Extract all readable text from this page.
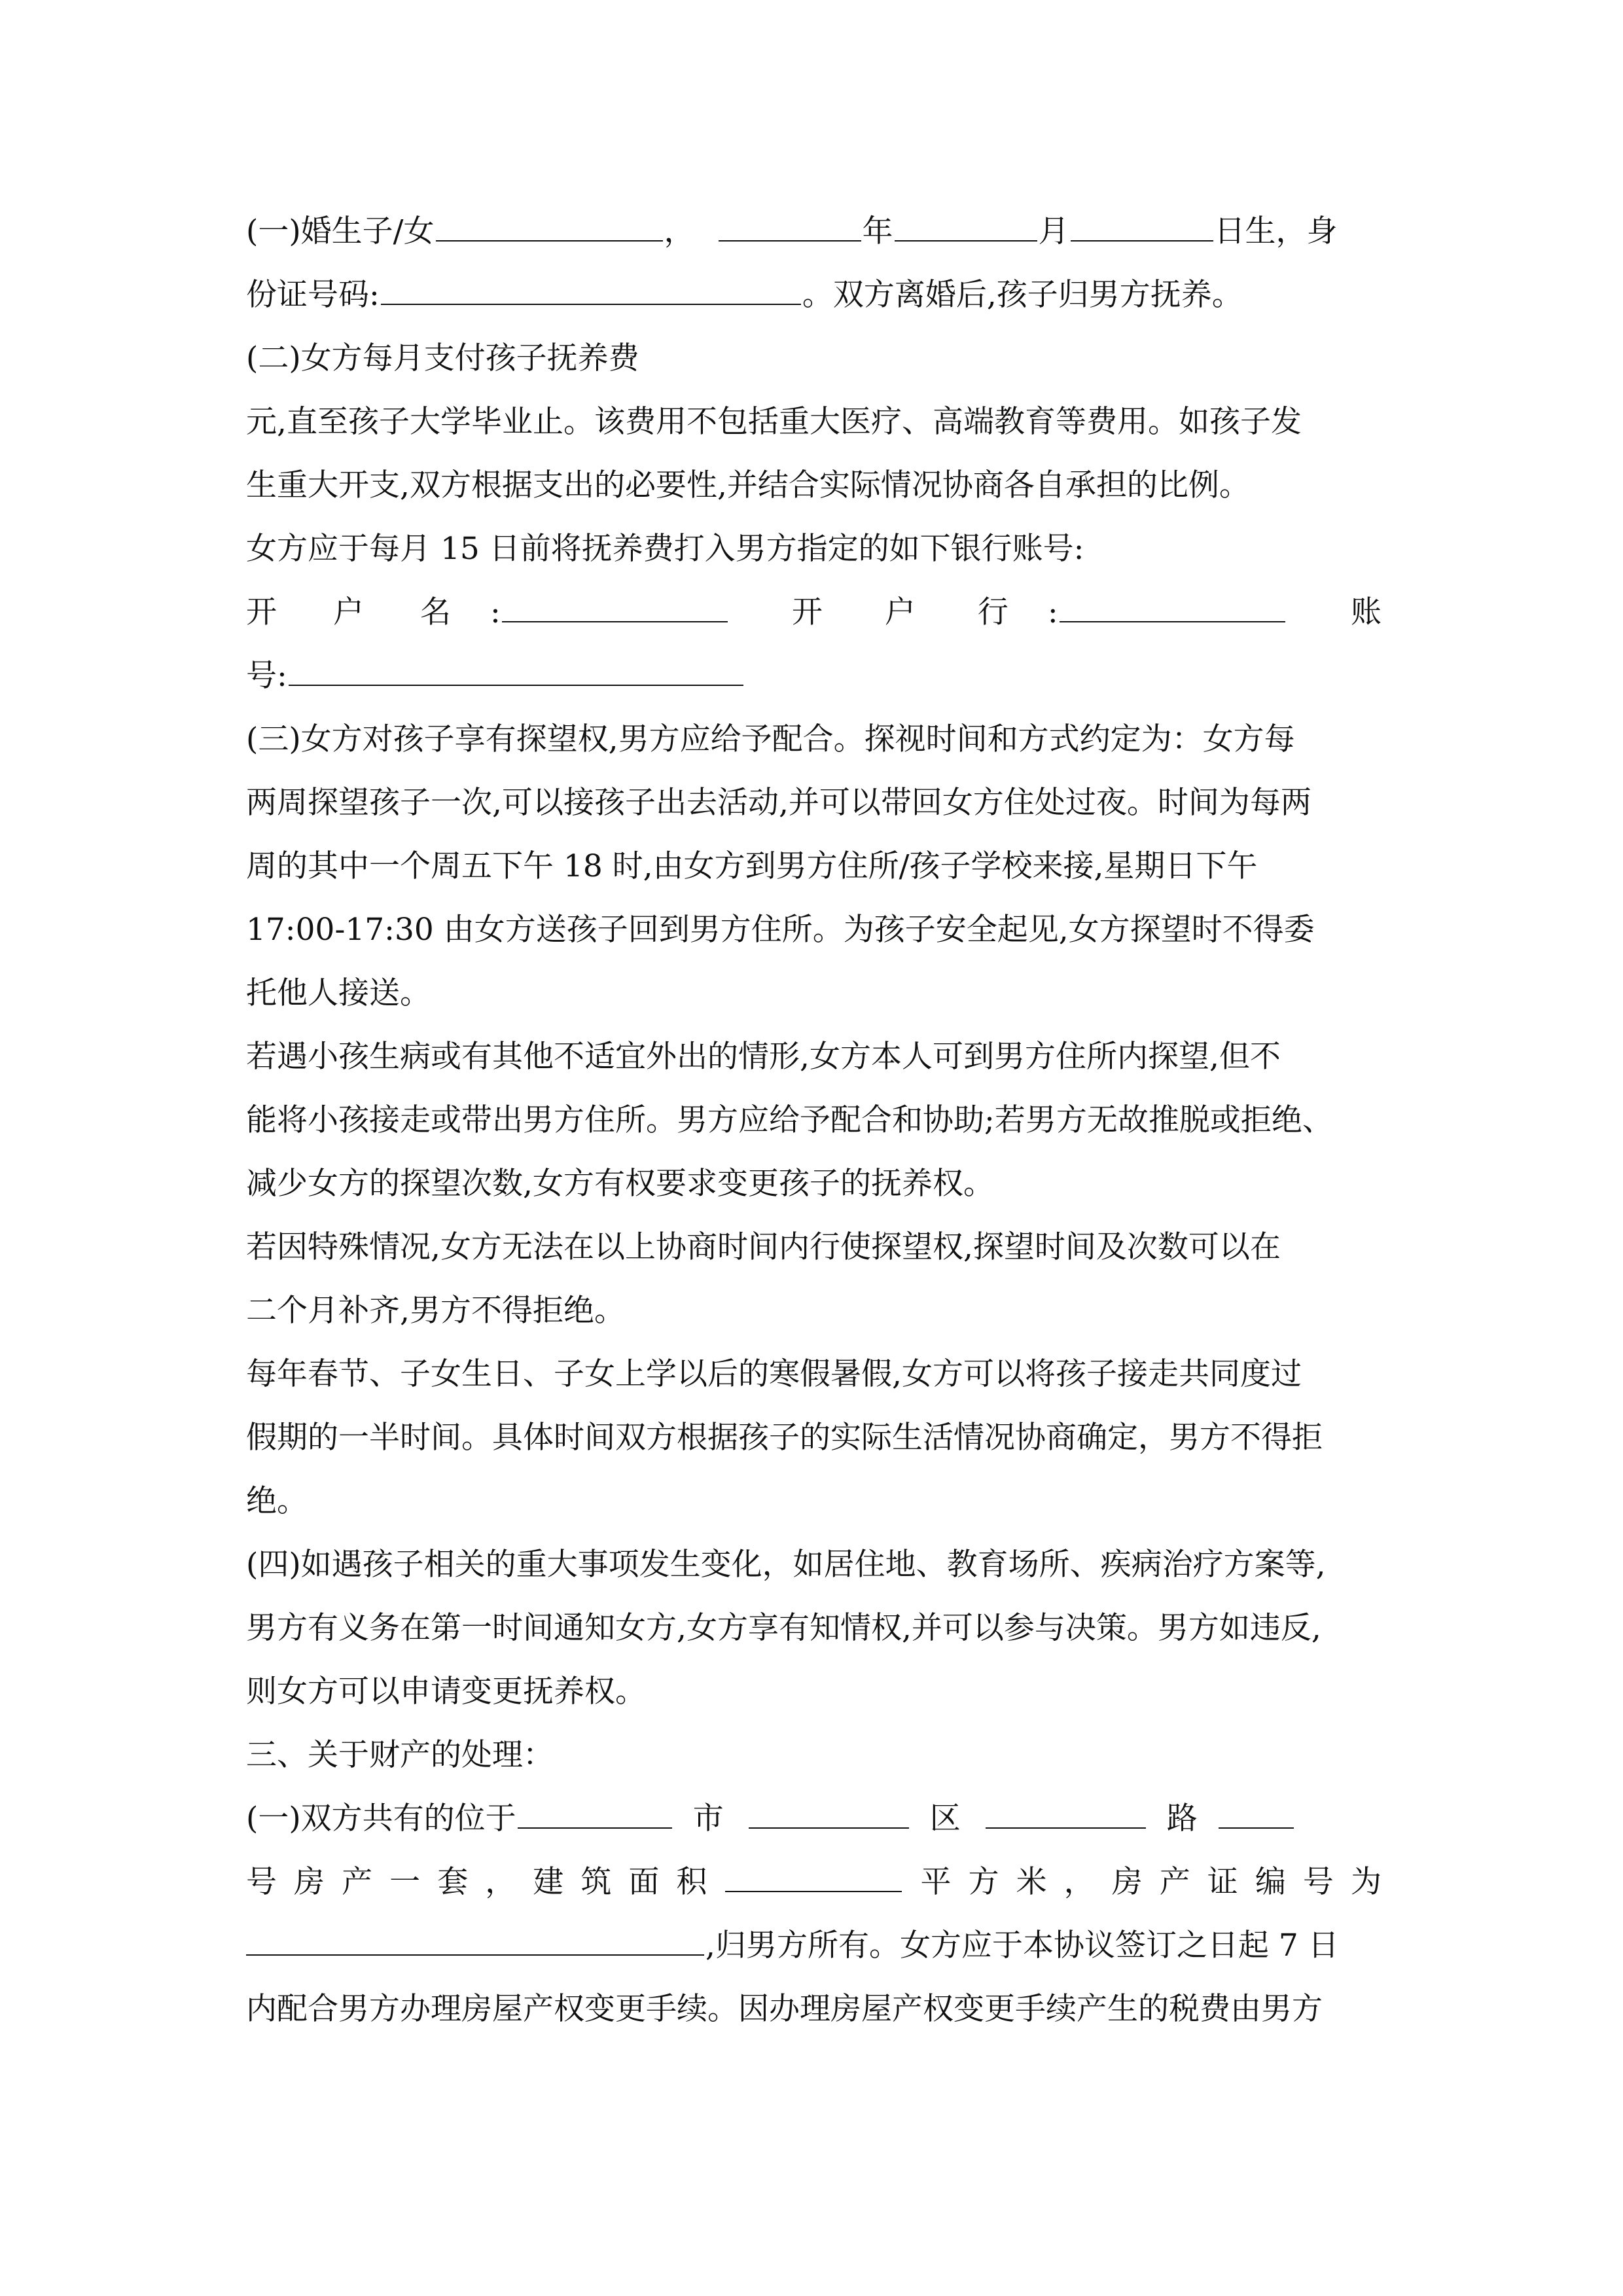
(一)婚生子/女	，	年	月	日生，身
份证号码:	。双方离婚后,孩子归男方抚养。
(二)女方每月支付孩子抚养费
元,直至孩子大学毕业止。该费用不包括重大医疗、高端教育等费用。如孩子发
生重大开支,双方根据支出的必要性,并结合实际情况协商各自承担的比例。
女方应于每月 15 日前将抚养费打入男方指定的如下银行账号:
开 户 名 :	开 户 行 :	账
号:
(三)女方对孩子享有探望权,男方应给予配合。探视时间和方式约定为：女方每
两周探望孩子一次,可以接孩子出去活动,并可以带回女方住处过夜。时间为每两
周的其中一个周五下午 18 时,由女方到男方住所/孩子学校来接,星期日下午
17:00-17:30 由女方送孩子回到男方住所。为孩子安全起见,女方探望时不得委
托他人接送。
若遇小孩生病或有其他不适宜外出的情形,女方本人可到男方住所内探望,但不
能将小孩接走或带出男方住所。男方应给予配合和协助;若男方无故推脱或拒绝、
减少女方的探望次数,女方有权要求变更孩子的抚养权。
若因特殊情况,女方无法在以上协商时间内行使探望权,探望时间及次数可以在
二个月补齐,男方不得拒绝。
每年春节、子女生日、子女上学以后的寒假暑假,女方可以将孩子接走共同度过
假期的一半时间。具体时间双方根据孩子的实际生活情况协商确定，男方不得拒
绝。
(四)如遇孩子相关的重大事项发生变化，如居住地、教育场所、疾病治疗方案等,
男方有义务在第一时间通知女方,女方享有知情权,并可以参与决策。男方如违反,
则女方可以申请变更抚养权。
三、关于财产的处理：
(一)双方共有的位于	市	区	路
号 房 产 一 套 ， 建 筑 面 积	平 方 米 ， 房 产 证 编 号 为
,归男方所有。女方应于本协议签订之日起 7 日
内配合男方办理房屋产权变更手续。因办理房屋产权变更手续产生的税费由男方
